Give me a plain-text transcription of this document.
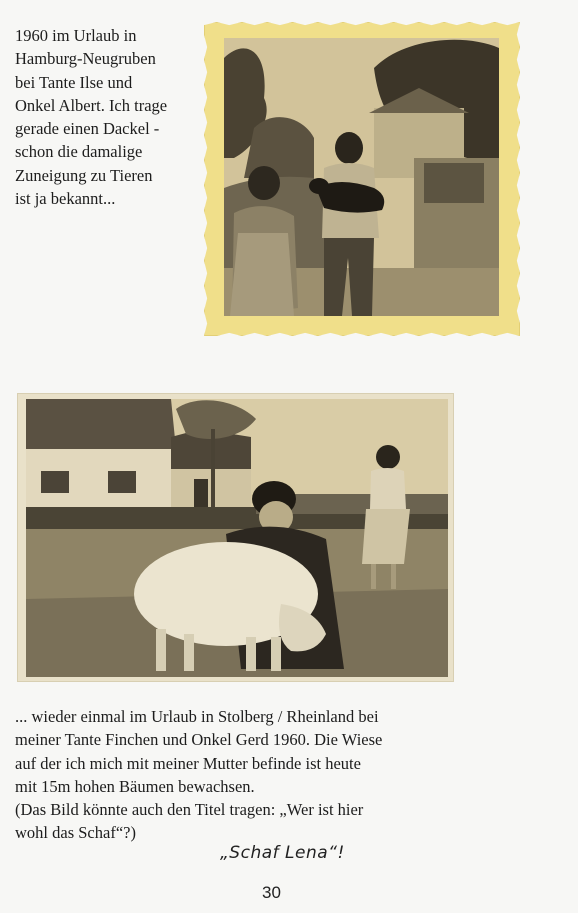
1960 im Urlaub in
Hamburg-Neugruben
bei Tante Ilse und
Onkel Albert. Ich trage
gerade einen Dackel -
schon die damalige
Zuneigung zu Tieren
ist ja bekannt...
... wieder einmal im Urlaub in Stolberg / Rheinland bei
meiner Tante Finchen und Onkel Gerd 1960. Die Wiese
auf der ich mich mit meiner Mutter befinde ist heute
mit 15m hohen Bäumen bewachsen.
(Das Bild könnte auch den Titel tragen: „Wer ist hier
wohl das Schaf“?)
„Schaf Lena“!
30
